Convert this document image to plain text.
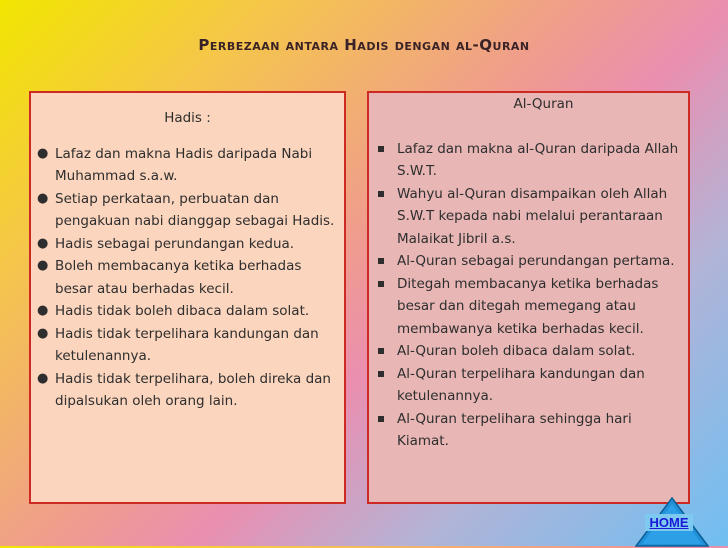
Perbezaan antara Hadis dengan al-Quran
Hadis :
● Lafaz dan makna Hadis daripada Nabi Muhammad s.a.w.
● Setiap perkataan, perbuatan dan pengakuan nabi dianggap sebagai Hadis.
● Hadis sebagai perundangan kedua.
● Boleh membacanya ketika berhadas besar atau berhadas kecil.
● Hadis tidak boleh dibaca dalam solat.
● Hadis tidak terpelihara kandungan dan ketulenannya.
● Hadis tidak terpelihara, boleh direka dan dipalsukan oleh orang lain.
Al-Quran
Lafaz dan makna al-Quran daripada Allah S.W.T.
Wahyu al-Quran disampaikan oleh Allah S.W.T kepada nabi melalui perantaraan Malaikat Jibril a.s.
Al-Quran sebagai perundangan pertama.
Ditegah membacanya ketika berhadas besar dan ditegah memegang atau membawanya ketika berhadas kecil.
Al-Quran boleh dibaca dalam solat.
Al-Quran terpelihara kandungan dan ketulenannya.
Al-Quran terpelihara sehingga hari Kiamat.
HOME
